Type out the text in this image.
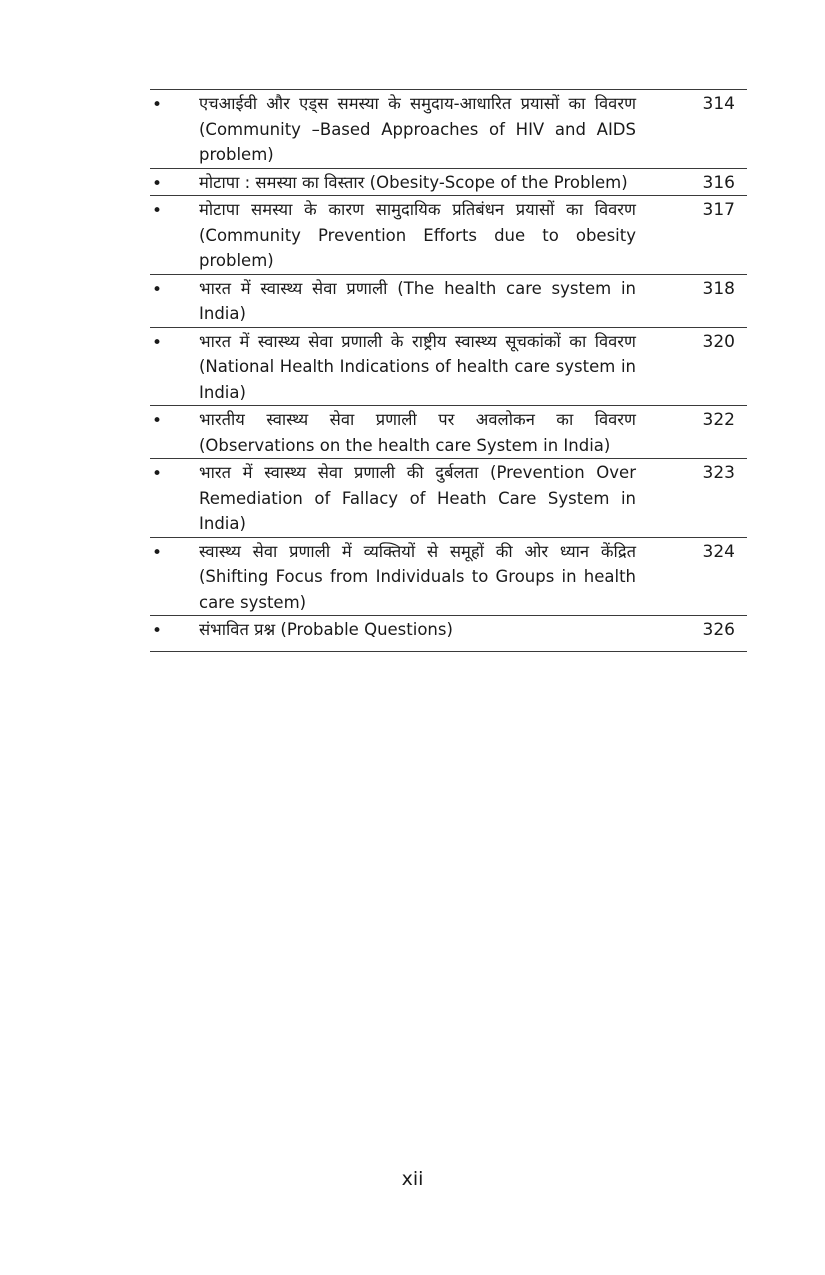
• एचआईवी और एड्स समस्या के समुदाय-आधारित प्रयासों का विवरण (Community –Based Approaches of HIV and AIDS problem)
314
• मोटापा : समस्या का विस्तार (Obesity-Scope of the Problem)	316
• मोटापा समस्या के कारण सामुदायिक प्रतिबंधन प्रयासों का विवरण (Community Prevention Efforts due to obesity problem)
317
• भारत में स्वास्थ्य सेवा प्रणाली (The health care system in India)
318
• भारत में स्वास्थ्य सेवा प्रणाली के राष्ट्रीय स्वास्थ्य सूचकांकों का विवरण (National Health Indications of health care system in India)
320
• भारतीय स्वास्थ्य सेवा प्रणाली पर अवलोकन का विवरण (Observations on the health care System in India)
322
• भारत में स्वास्थ्य सेवा प्रणाली की दुर्बलता (Prevention Over Remediation of Fallacy of Heath Care System in India)
323
• स्वास्थ्य सेवा प्रणाली में व्यक्तियों से समूहों की ओर ध्यान केंद्रित (Shifting Focus from Individuals to Groups in health care system)
324
• संभावित प्रश्न (Probable Questions)	326
xii
